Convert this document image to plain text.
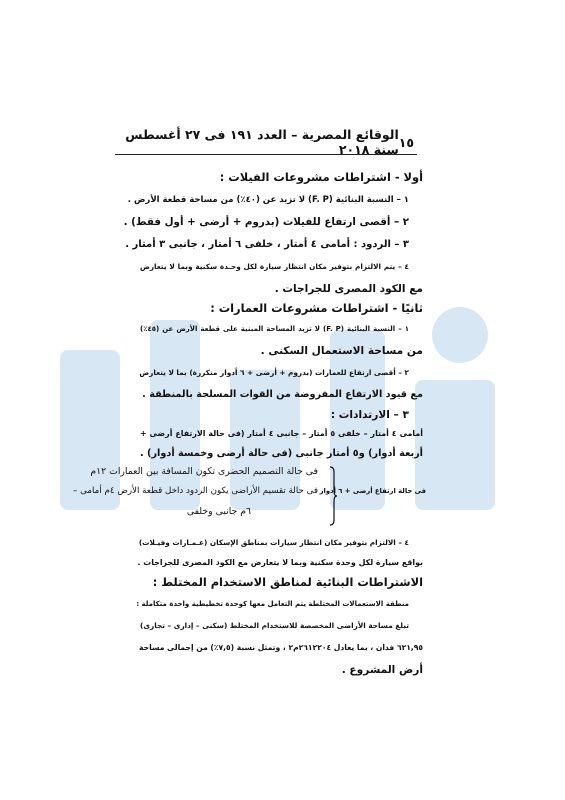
١٥
الوقائع المصرية – العدد ١٩١ فى ٢٧ أغسطس سنة ٢٠١٨
أولا - اشتراطات مشروعات الفيلات :
١ – النسبة البنائية (F. P) لا تزيد عن (٤٠٪) من مساحة قطعة الأرض .
٢ – أقصى ارتفاع للفيلات (بدروم + أرضى + أول فقط) .
٣ – الردود : أمامى ٤ أمتار ، خلفى ٦ أمتار ، جانبى ٣ أمتار .
٤ – يتم الالتزام بتوفير مكان انتظار سيارة لكل وحـدة سكنية وبما لا يتعارض
مع الكود المصرى للجراجات .
ثانيًا - اشتراطات مشروعات العمارات :
١ – النسبة البنائية (F. P) لا تزيد المساحة المبنية على قطعة الأرض عن (٤٥٪)
من مساحة الاستعمال السكنى .
٢ – أقصى ارتفاع للعمارات (بدروم + أرضى + ٦ أدوار متكررة) بما لا يتعارض
مع قيود الارتفاع المفروضة من القوات المسلحة بالمنطقة .
٣ – الارتدادات :
أمامى ٤ أمتار – خلفى ٥ أمتار – جانبى ٤ أمتار (فى حالة الارتفاع أرضى +
أربعة أدوار) و٥ أمتار جانبى (فى حالة أرضى وخمسة أدوار) .
فى حالة ارتفاع أرضى + ٦ أدوار
فى حالة التصميم الحضرى تكون المسافة بين العمارات ١٢م
فى حالة تقسيم الأراضى يكون الردود داخل قطعة الأرض ٤م أمامى –
٦م جانبى وخلفى
٤ – الالتزام بتوفير مكان انتظار سيارات بمناطق الإسكان (عـمـارات وفيـلات)
بواقع سيارة لكل وحدة سكنية وبما لا يتعارض مع الكود المصرى للجراجات .
الاشتراطات البنائية لمناطق الاستخدام المختلط :
منطقة الاستعمالات المختلطة يتم التعامل معها كوحدة تخطيطية واحدة متكاملة :
تبلغ مساحة الأراضى المخصصة للاستخدام المختلط (سكنى – إدارى – تجارى)
٦٢١,٩٥ فدان ، بما يعادل ٢٦١٢٢٠٤م٢ ، وتمثل نسبة (٧,٥٪) من إجمالى مساحة
أرض المشروع .
